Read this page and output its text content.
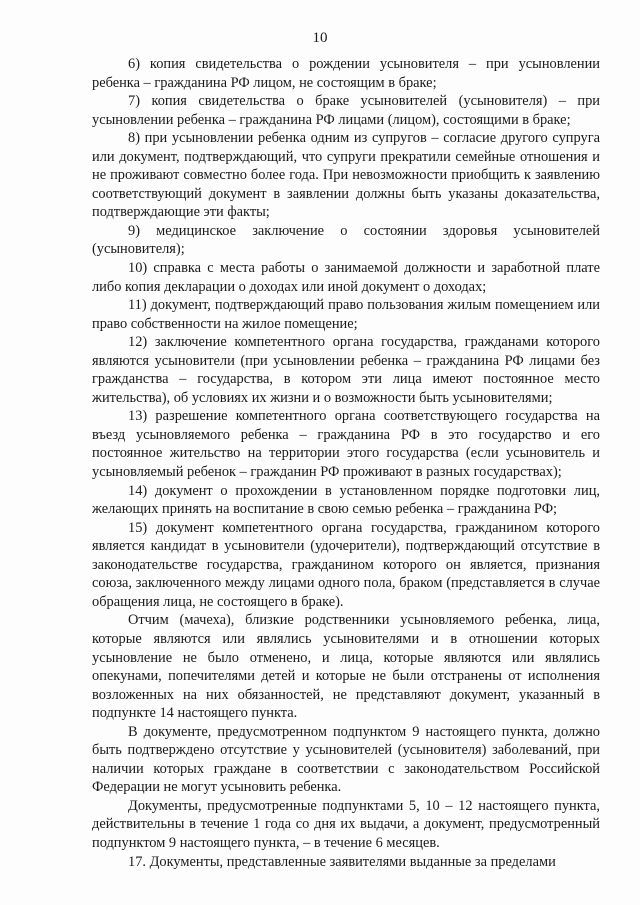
10

6) копия свидетельства о рождении усыновителя – при усыновлении ребенка – гражданина РФ лицом, не состоящим в браке;

7) копия свидетельства о браке усыновителей (усыновителя) – при усыновлении ребенка – гражданина РФ лицами (лицом), состоящими в браке;

8) при усыновлении ребенка одним из супругов – согласие другого супруга или документ, подтверждающий, что супруги прекратили семейные отношения и не проживают совместно более года. При невозможности приобщить к заявлению соответствующий документ в заявлении должны быть указаны доказательства, подтверждающие эти факты;

9) медицинское заключение о состоянии здоровья усыновителей (усыновителя);

10) справка с места работы о занимаемой должности и заработной плате либо копия декларации о доходах или иной документ о доходах;

11) документ, подтверждающий право пользования жилым помещением или право собственности на жилое помещение;

12) заключение компетентного органа государства, гражданами которого являются усыновители (при усыновлении ребенка – гражданина РФ лицами без гражданства – государства, в котором эти лица имеют постоянное место жительства), об условиях их жизни и о возможности быть усыновителями;

13) разрешение компетентного органа соответствующего государства на въезд усыновляемого ребенка – гражданина РФ в это государство и его постоянное жительство на территории этого государства (если усыновитель и усыновляемый ребенок – гражданин РФ проживают в разных государствах);

14) документ о прохождении в установленном порядке подготовки лиц, желающих принять на воспитание в свою семью ребенка – гражданина РФ;

15) документ компетентного органа государства, гражданином которого является кандидат в усыновители (удочерители), подтверждающий отсутствие в законодательстве государства, гражданином которого он является, признания союза, заключенного между лицами одного пола, браком (представляется в случае обращения лица, не состоящего в браке).

Отчим (мачеха), близкие родственники усыновляемого ребенка, лица, которые являются или являлись усыновителями и в отношении которых усыновление не было отменено, и лица, которые являются или являлись опекунами, попечителями детей и которые не были отстранены от исполнения возложенных на них обязанностей, не представляют документ, указанный в подпункте 14 настоящего пункта.

В документе, предусмотренном подпунктом 9 настоящего пункта, должно быть подтверждено отсутствие у усыновителей (усыновителя) заболеваний, при наличии которых граждане в соответствии с законодательством Российской Федерации не могут усыновить ребенка.

Документы, предусмотренные подпунктами 5, 10 – 12 настоящего пункта, действительны в течение 1 года со дня их выдачи, а документ, предусмотренный подпунктом 9 настоящего пункта, – в течение 6 месяцев.

17. Документы, представленные заявителями выданные за пределами
